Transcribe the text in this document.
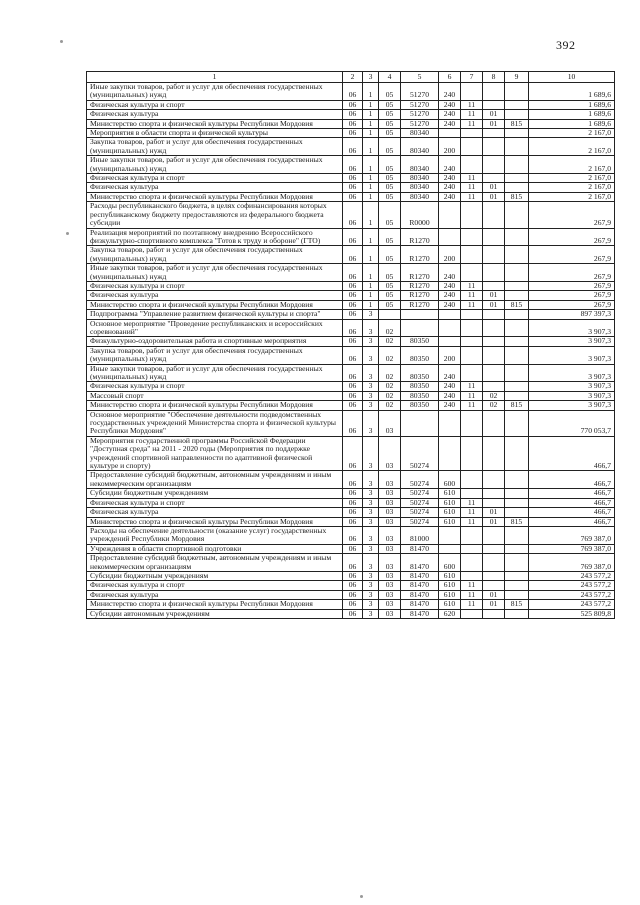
392
1	2	3	4	5	6	7	8	9	10
Иные закупки товаров, работ и услуг для обеспечения государственных (муниципальных) нужд	06	1	05	51270	240				1 689,6
Физическая культура и спорт	06	1	05	51270	240	11			1 689,6
Физическая культура	06	1	05	51270	240	11	01		1 689,6
Министерство спорта и физической культуры Республики Мордовия	06	1	05	51270	240	11	01	815	1 689,6
Мероприятия в области спорта и физической культуры	06	1	05	80340					2 167,0
Закупка товаров, работ и услуг для обеспечения государственных (муниципальных) нужд	06	1	05	80340	200				2 167,0
Иные закупки товаров, работ и услуг для обеспечения государственных (муниципальных) нужд	06	1	05	80340	240				2 167,0
Физическая культура и спорт	06	1	05	80340	240	11			2 167,0
Физическая культура	06	1	05	80340	240	11	01		2 167,0
Министерство спорта и физической культуры Республики Мордовия	06	1	05	80340	240	11	01	815	2 167,0
Расходы республиканского бюджета, в целях софинансирования которых республиканскому бюджету предоставляются из федерального бюджета субсидии	06	1	05	R0000					267,9
Реализация мероприятий по поэтапному внедрению Всероссийского физкультурно-спортивного комплекса "Готов к труду и обороне" (ГТО)	06	1	05	R1270					267,9
Закупка товаров, работ и услуг для обеспечения государственных (муниципальных) нужд	06	1	05	R1270	200				267,9
Иные закупки товаров, работ и услуг для обеспечения государственных (муниципальных) нужд	06	1	05	R1270	240				267,9
Физическая культура и спорт	06	1	05	R1270	240	11			267,9
Физическая культура	06	1	05	R1270	240	11	01		267,9
Министерство спорта и физической культуры Республики Мордовия	06	1	05	R1270	240	11	01	815	267,9
Подпрограмма "Управление развитием физической культуры и спорта"	06	3							897 397,3
Основное мероприятие "Проведение республиканских и всероссийских соревнований"	06	3	02						3 907,3
Физкультурно-оздоровительная работа и спортивные мероприятия	06	3	02	80350					3 907,3
Закупка товаров, работ и услуг для обеспечения государственных (муниципальных) нужд	06	3	02	80350	200				3 907,3
Иные закупки товаров, работ и услуг для обеспечения государственных (муниципальных) нужд	06	3	02	80350	240				3 907,3
Физическая культура и спорт	06	3	02	80350	240	11			3 907,3
Массовый спорт	06	3	02	80350	240	11	02		3 907,3
Министерство спорта и физической культуры Республики Мордовия	06	3	02	80350	240	11	02	815	3 907,3
Основное мероприятие "Обеспечение деятельности подведомственных государственных учреждений Министерства спорта и физической культуры Республики Мордовия"	06	3	03						770 053,7
Мероприятия государственной программы Российской Федерации "Доступная среда" на 2011 - 2020 годы (Мероприятия по поддержке учреждений спортивной направленности по адаптивной физической культуре и спорту)	06	3	03	50274					466,7
Предоставление субсидий бюджетным, автономным учреждениям и иным некоммерческим организациям	06	3	03	50274	600				466,7
Субсидии бюджетным учреждениям	06	3	03	50274	610				466,7
Физическая культура и спорт	06	3	03	50274	610	11			466,7
Физическая культура	06	3	03	50274	610	11	01		466,7
Министерство спорта и физической культуры Республики Мордовия	06	3	03	50274	610	11	01	815	466,7
Расходы на обеспечение деятельности (оказание услуг) государственных учреждений Республики Мордовия	06	3	03	81000					769 387,0
Учреждения в области спортивной подготовки	06	3	03	81470					769 387,0
Предоставление субсидий бюджетным, автономным учреждениям и иным некоммерческим организациям	06	3	03	81470	600				769 387,0
Субсидии бюджетным учреждениям	06	3	03	81470	610				243 577,2
Физическая культура и спорт	06	3	03	81470	610	11			243 577,2
Физическая культура	06	3	03	81470	610	11	01		243 577,2
Министерство спорта и физической культуры Республики Мордовия	06	3	03	81470	610	11	01	815	243 577,2
Субсидии автономным учреждениям	06	3	03	81470	620				525 809,8
